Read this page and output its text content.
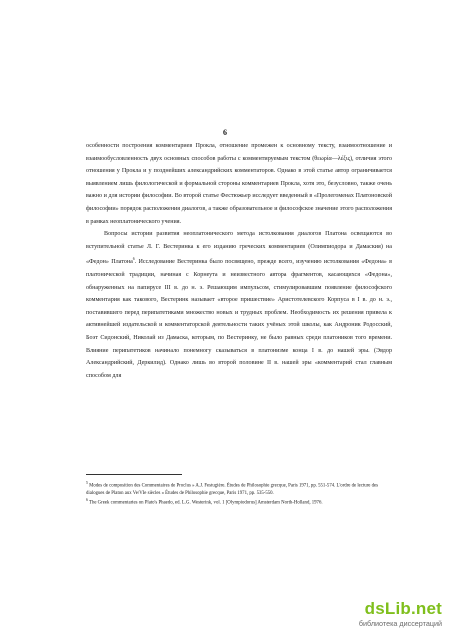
6

особенности построения комментариев Прокла, отношение промежен к основному тексту, взаимоотношение и взаимообусловленность двух основных способов работы с комментируемым текстом (θεωρία—λέξις), отличия этого отношения у Прокла и у позднейших александрийских комментаторов. Однако в этой статье автор ограничивается выявлением лишь филологической и формальной стороны комментариев Прокла, хотя это, безусловно, также очень важно и для истории философии. Во второй статье Фестюжьер исследует введенный в «Пролегоменах Платоновской философии» порядок расположения диалогов, а также образовательное и философское значение этого расположения в рамках неоплатонического учения.

Вопросы истории развития неоплатонического метода истолкования диалогов Платона освещаются во вступительной статье Л. Г. Вестеринка к его изданию греческих комментариев (Олимпиодора и Дамаския) на «Федон» Платона$^6$. Исследование Вестеринка было посвящено, прежде всего, изучению истолкования «Федона» в платонической традиции, начиная с Корнеута и неизвестного автора фрагментов, касающихся «Федона», обнаруженных на папирусе III в. до н. э. Решающим импульсом, стимулировавшим появление философского комментария как такового, Вестеринк называет «второе пришествие» Аристотелевского Корпуса в I в. до н. э., поставившего перед перипатетиками множество новых и трудных проблем. Необходимость их решения привела к активнейшей издательской и комментаторской деятельности таких учёных этой школы, как Андроник Родосский, Боэт Сидонский, Николай из Дамаска, которым, по Вестеринку, не было равных среди платоников того времени. Влияние перипатетиков начинало понемногу сказываться в платонизме конца I в. до нашей эры. (Эвдор Александрийский, Деркилид). Однако лишь во второй половине II в. нашей эры «комментарий стал главным способом для

$^5$ Modes de composition des Commentaires de Proclus » A.J. Festugière. Études de Philosophie grecque, Paris 1971, pp. 551-574. L'ordre de lecture des dialogues de Platon aux Ve/VIe siècles » Études de Philosophie grecque, Paris 1971, pp. 535-550.

$^6$ The Greek commentaries on Plato's Phaedo, ed. L.G. Westerink, vol. 1 [Olympiodorus] Amsterdam North-Holland, 1976.

dsLib.net
библиотека диссертаций
